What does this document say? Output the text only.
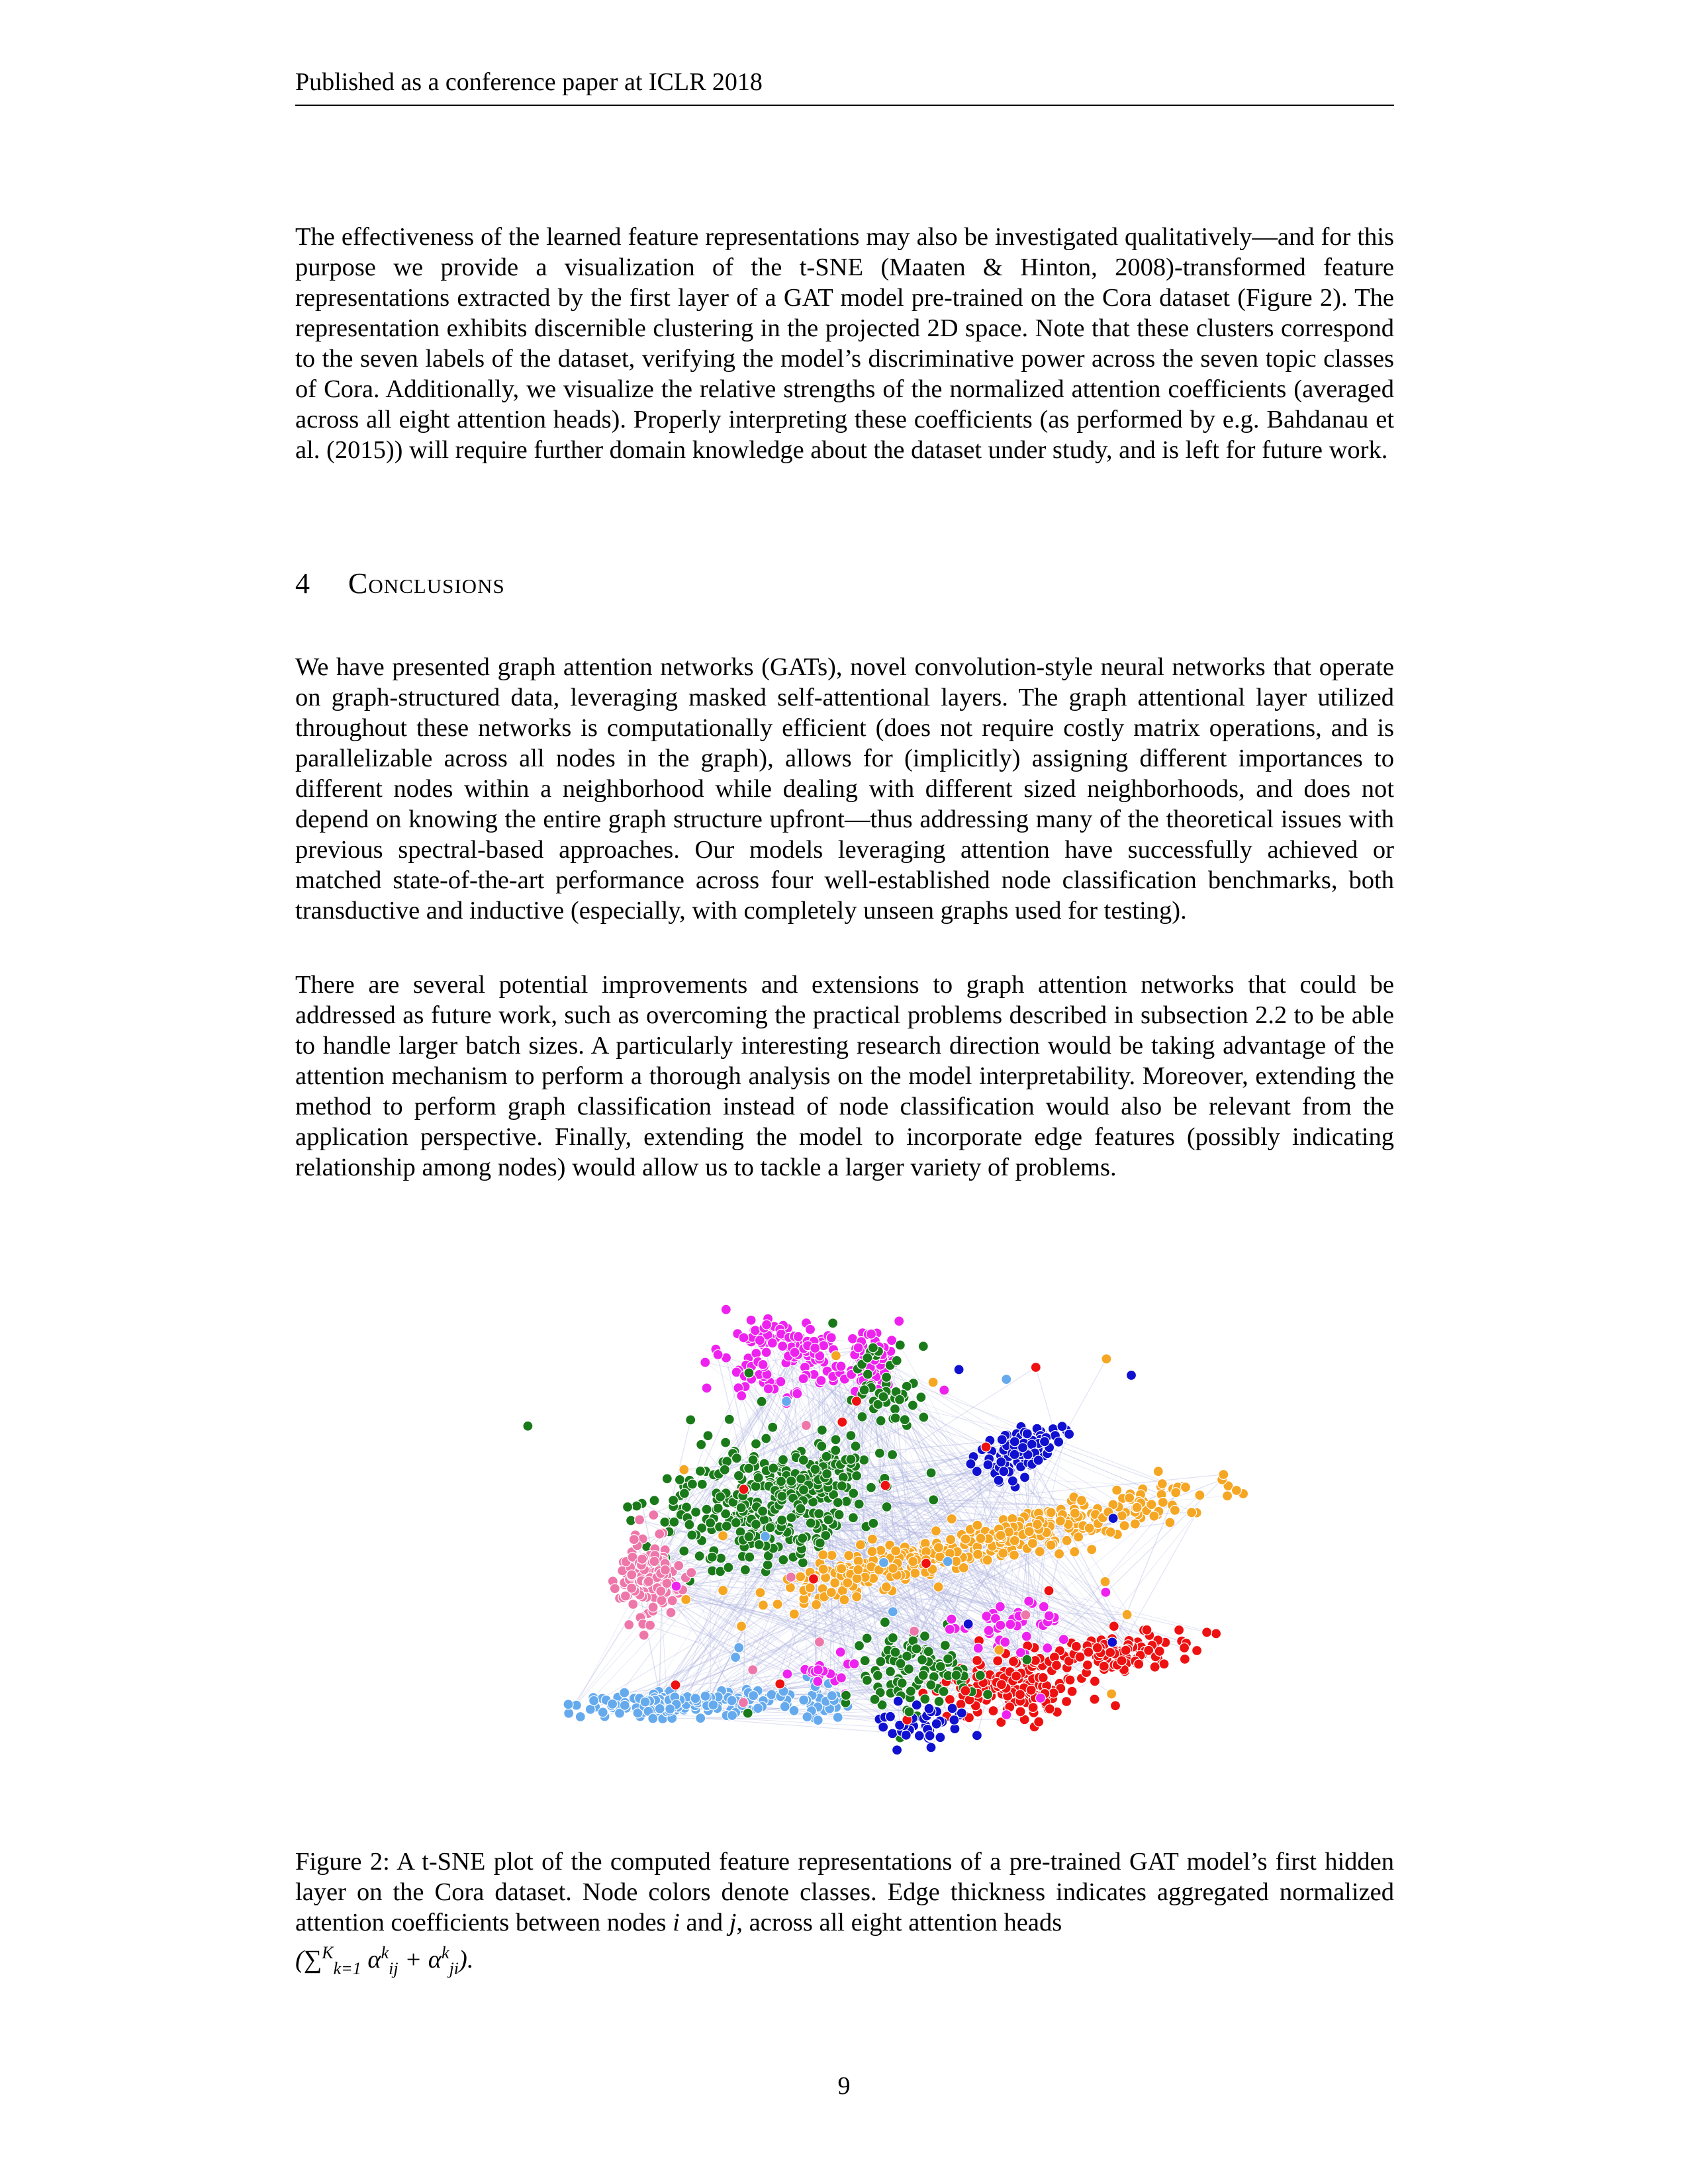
Published as a conference paper at ICLR 2018

The effectiveness of the learned feature representations may also be investigated qualitatively—and for this purpose we provide a visualization of the t-SNE (Maaten & Hinton, 2008)-transformed feature representations extracted by the first layer of a GAT model pre-trained on the Cora dataset (Figure 2). The representation exhibits discernible clustering in the projected 2D space. Note that these clusters correspond to the seven labels of the dataset, verifying the model’s discriminative power across the seven topic classes of Cora. Additionally, we visualize the relative strengths of the normalized attention coefficients (averaged across all eight attention heads). Properly interpreting these coefficients (as performed by e.g. Bahdanau et al. (2015)) will require further domain knowledge about the dataset under study, and is left for future work.

4 Conclusions

We have presented graph attention networks (GATs), novel convolution-style neural networks that operate on graph-structured data, leveraging masked self-attentional layers. The graph attentional layer utilized throughout these networks is computationally efficient (does not require costly matrix operations, and is parallelizable across all nodes in the graph), allows for (implicitly) assigning different importances to different nodes within a neighborhood while dealing with different sized neighborhoods, and does not depend on knowing the entire graph structure upfront—thus addressing many of the theoretical issues with previous spectral-based approaches. Our models leveraging attention have successfully achieved or matched state-of-the-art performance across four well-established node classification benchmarks, both transductive and inductive (especially, with completely unseen graphs used for testing).

There are several potential improvements and extensions to graph attention networks that could be addressed as future work, such as overcoming the practical problems described in subsection 2.2 to be able to handle larger batch sizes. A particularly interesting research direction would be taking advantage of the attention mechanism to perform a thorough analysis on the model interpretability. Moreover, extending the method to perform graph classification instead of node classification would also be relevant from the application perspective. Finally, extending the model to incorporate edge features (possibly indicating relationship among nodes) would allow us to tackle a larger variety of problems.

Figure 2: A t-SNE plot of the computed feature representations of a pre-trained GAT model’s first hidden layer on the Cora dataset. Node colors denote classes. Edge thickness indicates aggregated normalized attention coefficients between nodes i and j, across all eight attention heads
(∑$^K_{k=1}$ $\alpha^k_{ij} + \alpha^k_{ji}$).

9
